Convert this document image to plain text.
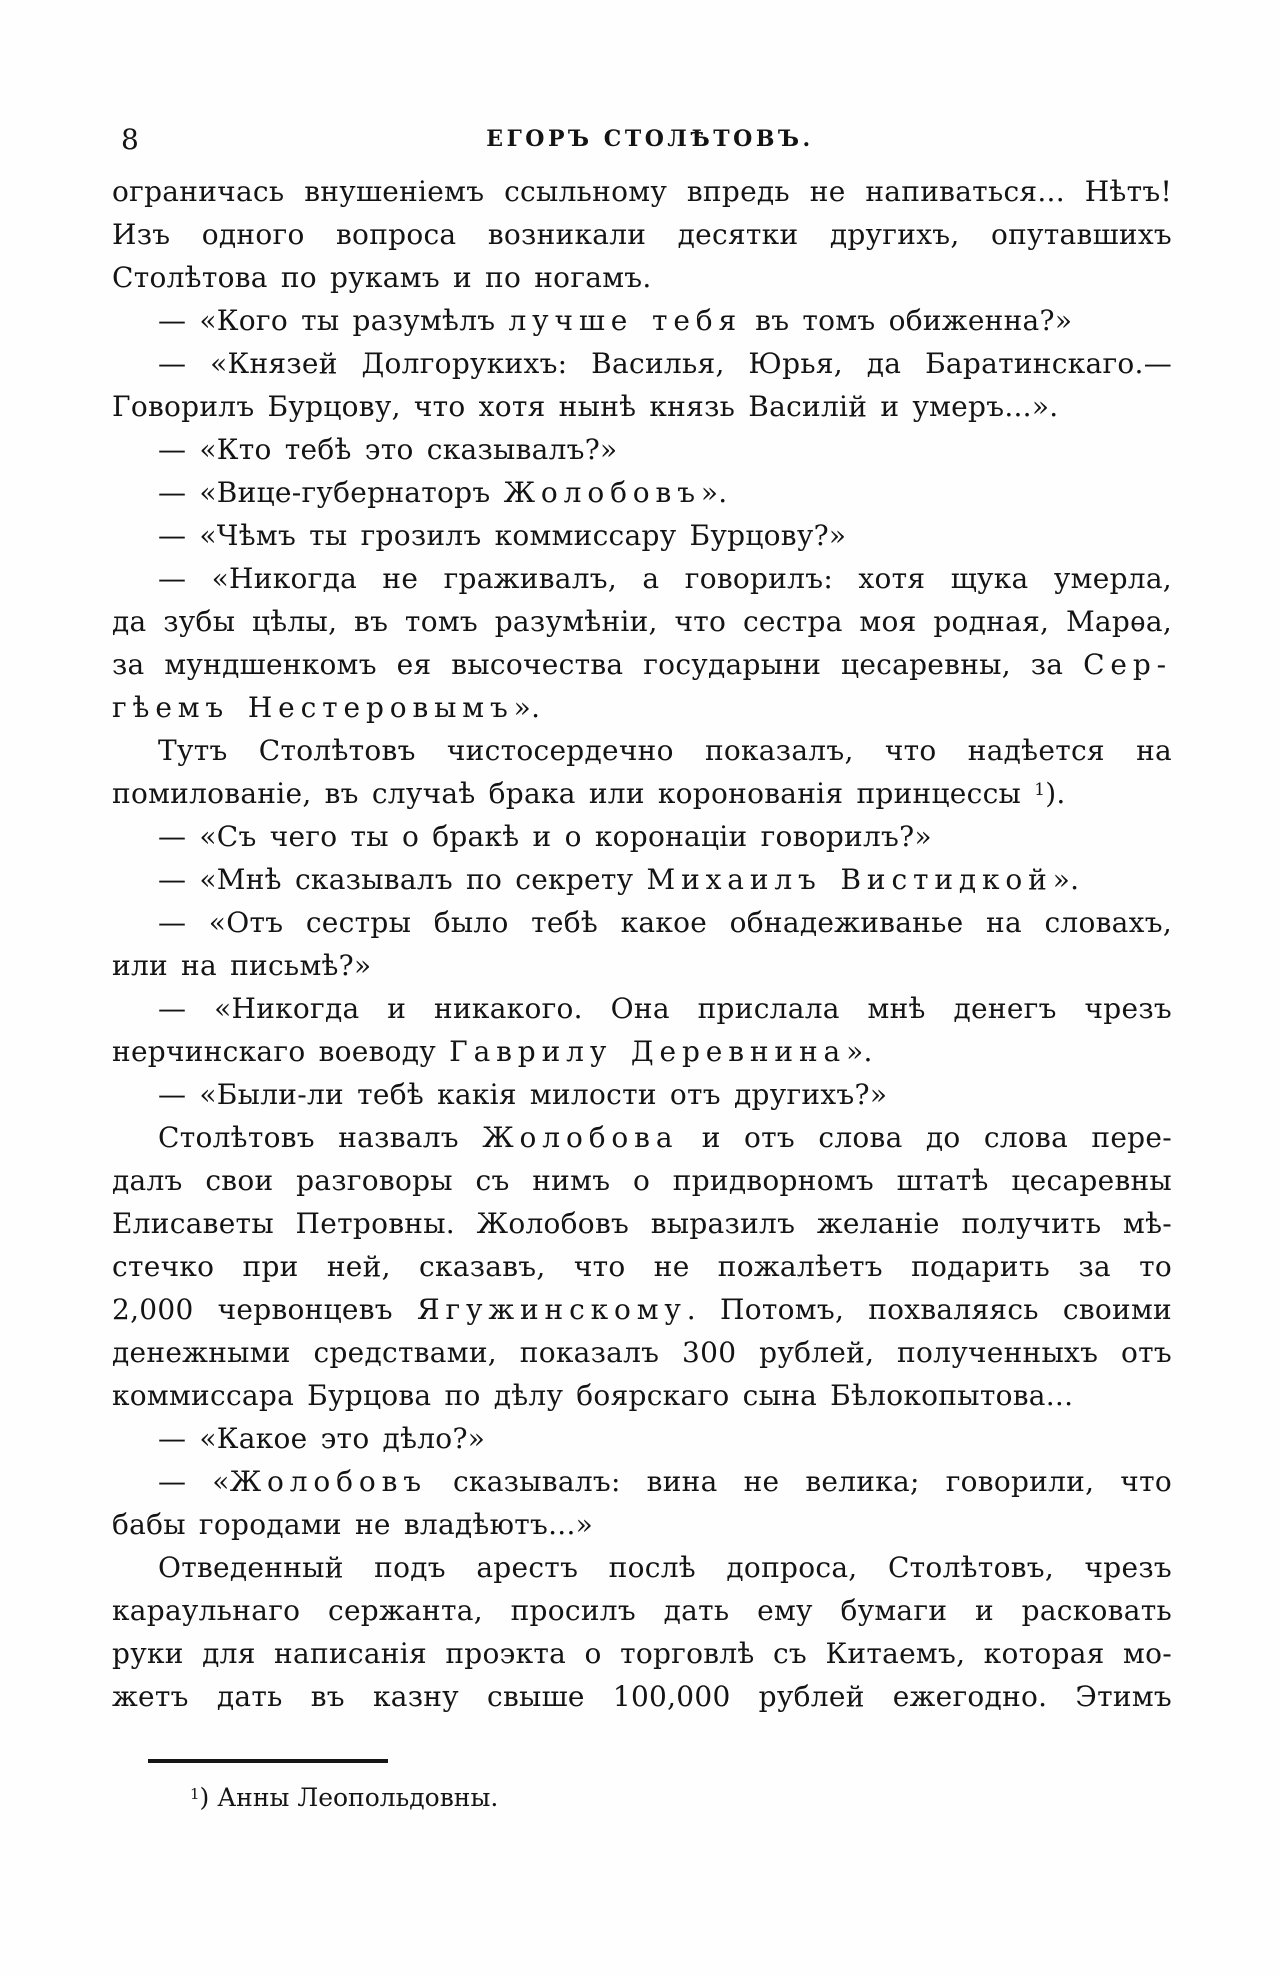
8	ЕГОРЪ СТОЛѢТОВЪ.
ограничась внушеніемъ ссыльному впредь не напиваться... Нѣтъ!
Изъ одного вопроса возникали десятки другихъ, опутавшихъ
Столѣтова по рукамъ и по ногамъ.
— «Кого ты разумѣлъ лучше тебя въ томъ обиженна?»
— «Князей Долгорукихъ: Василья, Юрья, да Баратинскаго.—
Говорилъ Бурцову, что хотя нынѣ князь Василій и умеръ...».
— «Кто тебѣ это сказывалъ?»
— «Вице-губернаторъ Жолобовъ».
— «Чѣмъ ты грозилъ коммиссару Бурцову?»
— «Никогда не граживалъ, а говорилъ: хотя щука умерла,
да зубы цѣлы, въ томъ разумѣніи, что сестра моя родная, Марѳа,
за мундшенкомъ ея высочества государыни цесаревны, за Сер-
гѣемъ Нестеровымъ».
Тутъ Столѣтовъ чистосердечно показалъ, что надѣется на
помилованіе, въ случаѣ брака или коронованія принцессы $^1$).
— «Съ чего ты о бракѣ и о коронаціи говорилъ?»
— «Мнѣ сказывалъ по секрету Михаилъ Вистидкой».
— «Отъ сестры было тебѣ какое обнадеживанье на словахъ,
или на письмѣ?»
— «Никогда и никакого. Она прислала мнѣ денегъ чрезъ
нерчинскаго воеводу Гаврилу Деревнина».
— «Были-ли тебѣ какія милости отъ другихъ?»
Столѣтовъ назвалъ Жолобова и отъ слова до слова пере-
далъ свои разговоры съ нимъ о придворномъ штатѣ цесаревны
Елисаветы Петровны. Жолобовъ выразилъ желаніе получить мѣ-
стечко при ней, сказавъ, что не пожалѣетъ подарить за то
2,000 червонцевъ Ягужинскому. Потомъ, похваляясь своими
денежными средствами, показалъ 300 рублей, полученныхъ отъ
коммиссара Бурцова по дѣлу боярскаго сына Бѣлокопытова...
— «Какое это дѣло?»
— «Жолобовъ сказывалъ: вина не велика; говорили, что
бабы городами не владѣютъ...»
Отведенный подъ арестъ послѣ допроса, Столѣтовъ, чрезъ
караульнаго сержанта, просилъ дать ему бумаги и расковать
руки для написанія проэкта о торговлѣ съ Китаемъ, которая мо-
жетъ дать въ казну свыше 100,000 рублей ежегодно. Этимъ
$^1$) Анны Леопольдовны.
